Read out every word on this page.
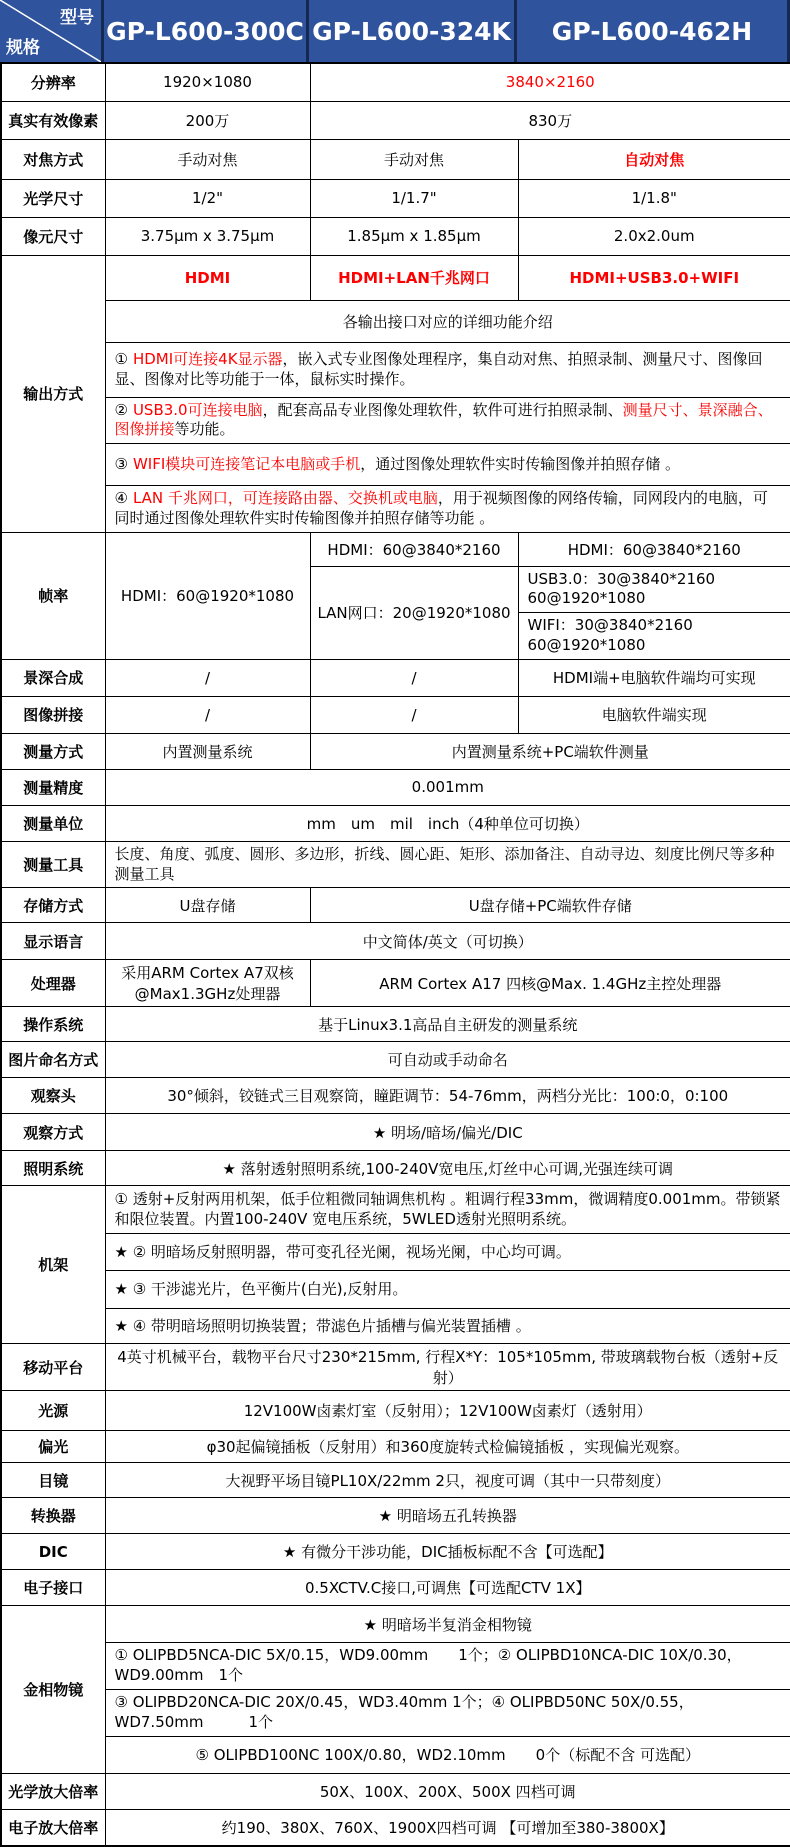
型号
规格
GP-L600-300C GP-L600-324K	GP-L600-462H
分辨率	1920×1080	3840×2160	
真实有效像素	200万	830万	
对焦方式	手动对焦	手动对焦	自动对焦
光学尺寸	1/2"	1/1.7"	1/1.8"
像元尺寸	3.75μm x 3.75μm	1.85μm x 1.85μm	2.0x2.0um
输出方式	HDMI	HDMI+LAN千兆网口	HDMI+USB3.0+WIFI
	各输出接口对应的详细功能介绍		
	① HDMI可连接4K显示器，嵌入式专业图像处理程序，集自动对焦、拍照录制、测量尺寸、图像回显、图像对比等功能于一体，鼠标实时操作。		
	② USB3.0可连接电脑，配套高品专业图像处理软件，软件可进行拍照录制、测量尺寸、景深融合、图像拼接等功能。		
	③ WIFI模块可连接笔记本电脑或手机，通过图像处理软件实时传输图像并拍照存储 。		
	④ LAN 千兆网口，可连接路由器、交换机或电脑，用于视频图像的网络传输，同网段内的电脑，可同时通过图像处理软件实时传输图像并拍照存储等功能 。		
帧率	HDMI：60@1920*1080	HDMI：60@3840*2160	HDMI：60@3840*2160
		LAN网口：20@1920*1080	USB3.0：30@3840*2160　60@1920*1080
			WIFI：30@3840*2160　　60@1920*1080
景深合成	/	/	HDMI端+电脑软件端均可实现
图像拼接	/	/	电脑软件端实现
测量方式	内置测量系统	内置测量系统+PC端软件测量	
测量精度	0.001mm		
测量单位	mm　um　mil　inch（4种单位可切换）		
测量工具	长度、角度、弧度、圆形、多边形，折线、圆心距、矩形、添加备注、自动寻边、刻度比例尺等多种测量工具		
存储方式	U盘存储	U盘存储+PC端软件存储	
显示语言	中文简体/英文（可切换）		
处理器	采用ARM Cortex A7双核@Max1.3GHz处理器	ARM Cortex A17 四核@Max. 1.4GHz主控处理器	
操作系统	基于Linux3.1高品自主研发的测量系统		
图片命名方式	可自动或手动命名		
观察头	30°倾斜，铰链式三目观察筒，瞳距调节：54-76mm，两档分光比：100:0，0:100		
观察方式	★ 明场/暗场/偏光/DIC		
照明系统	★ 落射透射照明系统,100-240V宽电压,灯丝中心可调,光强连续可调		
机架	① 透射+反射两用机架，低手位粗微同轴调焦机构 。粗调行程33mm，微调精度0.001mm。带锁紧和限位装置。内置100-240V 宽电压系统，5WLED透射光照明系统。		
	★ ② 明暗场反射照明器，带可变孔径光阑，视场光阑，中心均可调。		
	★ ③ 干涉滤光片，色平衡片(白光),反射用。		
	★ ④ 带明暗场照明切换装置；带滤色片插槽与偏光装置插槽 。		
移动平台	4英寸机械平台，载物平台尺寸230*215mm, 行程X*Y：105*105mm, 带玻璃载物台板（透射+反射）		
光源	12V100W卤素灯室（反射用）；12V100W卤素灯（透射用）		
偏光	φ30起偏镜插板（反射用）和360度旋转式检偏镜插板 ，实现偏光观察。		
目镜	大视野平场目镜PL10X/22mm 2只，视度可调（其中一只带刻度）		
转换器	★ 明暗场五孔转换器		
DIC	★ 有微分干涉功能，DIC插板标配不含【可选配】		
电子接口	0.5XCTV.C接口,可调焦【可选配CTV 1X】		
金相物镜	★ 明暗场半复消金相物镜		
	① OLIPBD5NCA-DIC 5X/0.15，WD9.00mm　　1个；② OLIPBD10NCA-DIC 10X/0.30，WD9.00mm　1个		
	③ OLIPBD20NCA-DIC 20X/0.45，WD3.40mm 1个；④ OLIPBD50NC 50X/0.55，WD7.50mm　　　1个		
	⑤ OLIPBD100NC 100X/0.80，WD2.10mm　　0个（标配不含 可选配）		
光学放大倍率	50X、100X、200X、500X 四档可调		
电子放大倍率	约190、380X、760X、1900X四档可调 【可增加至380-3800X】		
